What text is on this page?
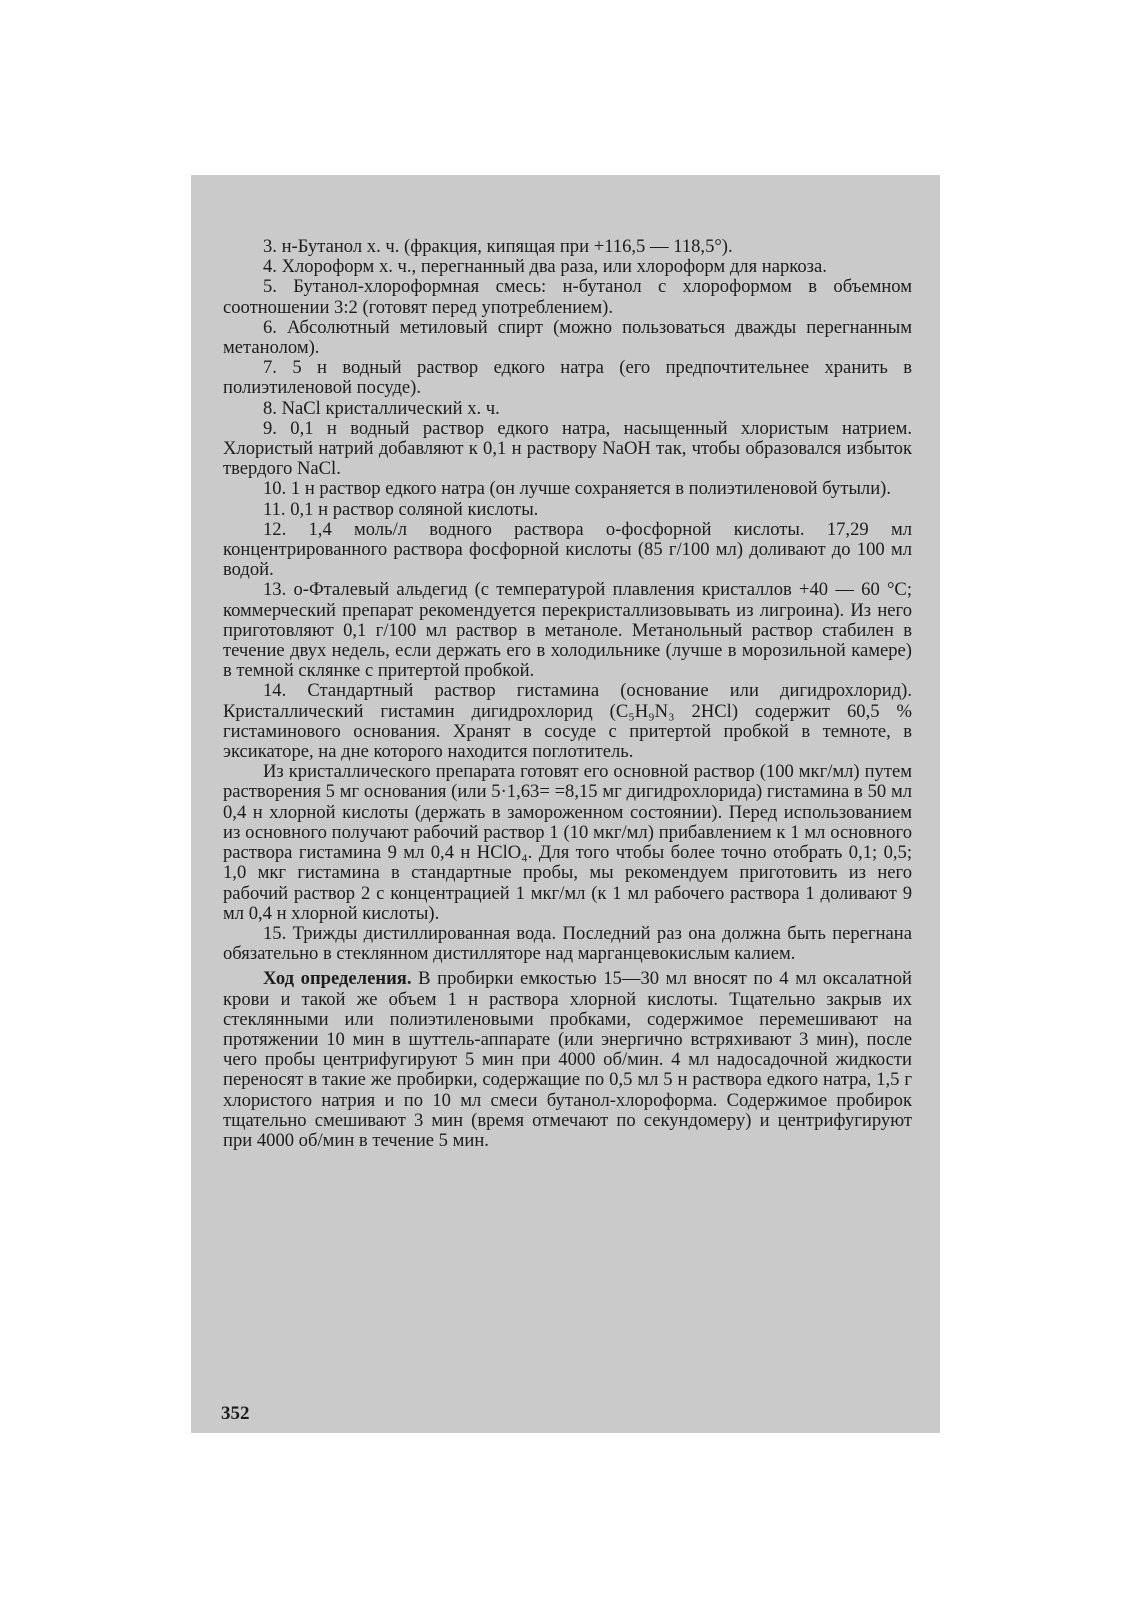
3. н-Бутанол х. ч. (фракция, кипящая при +116,5 — 118,5°).

4. Хлороформ х. ч., перегнанный два раза, или хлороформ для наркоза.

5. Бутанол-хлороформная смесь: н-бутанол с хлороформом в объемном соотношении 3:2 (готовят перед употреблением).

6. Абсолютный метиловый спирт (можно пользоваться дважды перегнанным метанолом).

7. 5 н водный раствор едкого натра (его предпочтительнее хранить в полиэтиленовой посуде).

8. NaCl кристаллический х. ч.

9. 0,1 н водный раствор едкого натра, насыщенный хлористым натрием. Хлористый натрий добавляют к 0,1 н раствору NaOH так, чтобы образовался избыток твердого NaCl.

10. 1 н раствор едкого натра (он лучше сохраняется в полиэтиленовой бутыли).

11. 0,1 н раствор соляной кислоты.

12. 1,4 моль/л водного раствора о-фосфорной кислоты. 17,29 мл концентрированного раствора фосфорной кислоты (85 г/100 мл) доливают до 100 мл водой.

13. о-Фталевый альдегид (с температурой плавления кристаллов +40 — 60 °С; коммерческий препарат рекомендуется перекристаллизовывать из лигроина). Из него приготовляют 0,1 г/100 мл раствор в метаноле. Метанольный раствор стабилен в течение двух недель, если держать его в холодильнике (лучше в морозильной камере) в темной склянке с притертой пробкой.

14. Стандартный раствор гистамина (основание или дигидрохлорид). Кристаллический гистамин дигидрохлорид (C₅H₉N₃ 2HCl) содержит 60,5 % гистаминового основания. Хранят в сосуде с притертой пробкой в темноте, в эксикаторе, на дне которого находится поглотитель.

Из кристаллического препарата готовят его основной раствор (100 мкг/мл) путем растворения 5 мг основания (или 5·1,63= =8,15 мг дигидрохлорида) гистамина в 50 мл 0,4 н хлорной кислоты (держать в замороженном состоянии). Перед использованием из основного получают рабочий раствор 1 (10 мкг/мл) прибавлением к 1 мл основного раствора гистамина 9 мл 0,4 н HClO₄. Для того чтобы более точно отобрать 0,1; 0,5; 1,0 мкг гистамина в стандартные пробы, мы рекомендуем приготовить из него рабочий раствор 2 с концентрацией 1 мкг/мл (к 1 мл рабочего раствора 1 доливают 9 мл 0,4 н хлорной кислоты).

15. Трижды дистиллированная вода. Последний раз она должна быть перегнана обязательно в стеклянном дистилляторе над марганцевокислым калием.

Ход определения. В пробирки емкостью 15—30 мл вносят по 4 мл оксалатной крови и такой же объем 1 н раствора хлорной кислоты. Тщательно закрыв их стеклянными или полиэтиленовыми пробками, содержимое перемешивают на протяжении 10 мин в шуттель-аппарате (или энергично встряхивают 3 мин), после чего пробы центрифугируют 5 мин при 4000 об/мин. 4 мл надосадочной жидкости переносят в такие же пробирки, содержащие по 0,5 мл 5 н раствора едкого натра, 1,5 г хлористого натрия и по 10 мл смеси бутанол-хлороформа. Содержимое пробирок тщательно смешивают 3 мин (время отмечают по секундомеру) и центрифугируют при 4000 об/мин в течение 5 мин.

352
